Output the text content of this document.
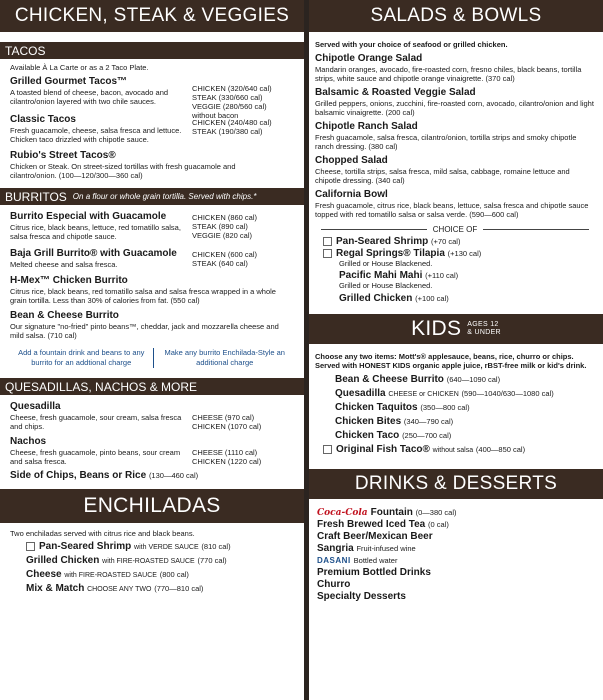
CHICKEN, STEAK & VEGGIES
TACOS
Available À La Carte or as a 2 Taco Plate.
Grilled Gourmet Tacos™
A toasted blend of cheese, bacon, avocado and cilantro/onion layered with two chile sauces.
CHICKEN (320/640 cal)
STEAK (330/660 cal)
VEGGIE (280/560 cal)
without bacon
Classic Tacos
Fresh guacamole, cheese, salsa fresca and lettuce. Chicken taco drizzled with chipotle sauce.
CHICKEN (240/480 cal)
STEAK (190/380 cal)
Rubio's Street Tacos®
Chicken or Steak. On street-sized tortillas with fresh guacamole and cilantro/onion. (100—120/300—360 cal)
BURRITOS On a flour or whole grain tortilla. Served with chips.*
Burrito Especial with Guacamole
Citrus rice, black beans, lettuce, red tomatillo salsa, salsa fresca and chipotle sauce.
CHICKEN (860 cal)
STEAK (890 cal)
VEGGIE (820 cal)
Baja Grill Burrito® with Guacamole
Melted cheese and salsa fresca.
CHICKEN (600 cal)
STEAK (640 cal)
H-Mex™ Chicken Burrito
Citrus rice, black beans, red tomatillo salsa and salsa fresca wrapped in a whole grain tortilla. Less than 30% of calories from fat. (550 cal)
Bean & Cheese Burrito
Our signature "no-fried" pinto beans™, cheddar, jack and mozzarella cheese and mild salsa. (710 cal)
Add a fountain drink and beans to any burrito for an addtional charge
Make any burrito Enchilada-Style an additional charge
QUESADILLAS, NACHOS & MORE
Quesadilla
Cheese, fresh guacamole, sour cream, salsa fresca and chips.
CHEESE (970 cal)
CHICKEN (1070 cal)
Nachos
Cheese, fresh guacamole, pinto beans, sour cream and salsa fresca.
CHEESE (1110 cal)
CHICKEN (1220 cal)
Side of Chips, Beans or Rice (130—460 cal)
ENCHILADAS
Two enchiladas served with citrus rice and black beans.
Pan-Seared Shrimp with VERDE SAUCE (810 cal)
Grilled Chicken with FIRE-ROASTED SAUCE (770 cal)
Cheese with FIRE-ROASTED SAUCE (800 cal)
Mix & Match CHOOSE ANY TWO (770—810 cal)
SALADS & BOWLS
Served with your choice of seafood or grilled chicken.
Chipotle Orange Salad
Mandarin oranges, avocado, fire-roasted corn, fresno chiles, black beans, tortilla strips, white sauce and chipotle orange vinaigrette. (370 cal)
Balsamic & Roasted Veggie Salad
Grilled peppers, onions, zucchini, fire-roasted corn, avocado, cilantro/onion and light balsamic vinaigrette. (200 cal)
Chipotle Ranch Salad
Fresh guacamole, salsa fresca, cilantro/onion, tortilla strips and smoky chipotle ranch dressing. (380 cal)
Chopped Salad
Cheese, tortilla strips, salsa fresca, mild salsa, cabbage, romaine lettuce and chipotle dressing. (340 cal)
California Bowl
Fresh guacamole, citrus rice, black beans, lettuce, salsa fresca and chipotle sauce topped with red tomatillo salsa or salsa verde. (590—600 cal)
CHOICE OF
Pan-Seared Shrimp (+70 cal)
Regal Springs® Tilapia (+130 cal)
Grilled or House Blackened.
Pacific Mahi Mahi (+110 cal)
Grilled or House Blackened.
Grilled Chicken (+100 cal)
KIDS AGES 12
& UNDER
Choose any two items: Mott's® applesauce, beans, rice, churro or chips. Served with HONEST KIDS organic apple juice, rBST-free milk or kid's drink.
Bean & Cheese Burrito (640—1090 cal)
Quesadilla CHEESE or CHICKEN (590—1040/630—1080 cal)
Chicken Taquitos (350—800 cal)
Chicken Bites (340—790 cal)
Chicken Taco (250—700 cal)
Original Fish Taco® without salsa (400—850 cal)
DRINKS & DESSERTS
Coca-Cola Fountain (0—380 cal)
Fresh Brewed Iced Tea (0 cal)
Craft Beer/Mexican Beer
Sangria Fruit-infused wine
DASANI Bottled water
Premium Bottled Drinks
Churro
Specialty Desserts
